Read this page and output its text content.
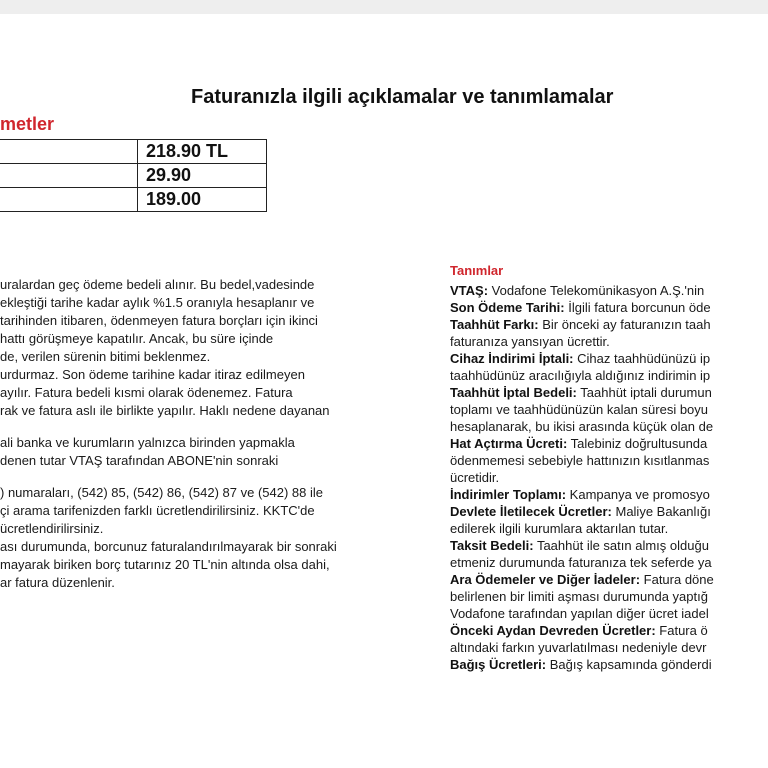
Faturanızla ilgili açıklamalar ve tanımlamalar
metler
	218.90 TL
	29.90
	189.00
uralardan geç ödeme bedeli alınır. Bu bedel,vadesinde
ekleştiği tarihe kadar aylık %1.5 oranıyla hesaplanır ve
tarihinden itibaren, ödenmeyen fatura borçları için ikinci
hattı görüşmeye kapatılır. Ancak, bu süre içinde
de, verilen sürenin bitimi beklenmez.
urdurmaz. Son ödeme tarihine kadar itiraz edilmeyen
ayılır. Fatura bedeli kısmi olarak ödenemez. Fatura
rak ve fatura aslı ile birlikte yapılır. Haklı nedene dayanan
ali banka ve kurumların yalnızca birinden yapmakla
denen tutar VTAŞ tarafından ABONE'nin sonraki
) numaraları, (542) 85, (542) 86, (542) 87 ve (542) 88 ile
çi arama tarifenizden farklı ücretlendirilirsiniz. KKTC'de
ücretlendirilirsiniz.
ası durumunda, borcunuz faturalandırılmayarak bir sonraki
mayarak biriken borç tutarınız 20 TL'nin altında olsa dahi,
ar fatura düzenlenir.
Tanımlar
VTAŞ: Vodafone Telekomünikasyon A.Ş.'nin
Son Ödeme Tarihi: İlgili fatura borcunun öde
Taahhüt Farkı: Bir önceki ay faturanızın taah
faturanıza yansıyan ücrettir.
Cihaz İndirimi İptali: Cihaz taahhüdünüzü ip
taahhüdünüz aracılığıyla aldığınız indirimin ip
Taahhüt İptal Bedeli: Taahhüt iptali durumun
toplamı ve taahhüdünüzün kalan süresi boyu
hesaplanarak, bu ikisi arasında küçük olan de
Hat Açtırma Ücreti: Talebiniz doğrultusunda
ödenmemesi sebebiyle hattınızın kısıtlanmas
ücretidir.
İndirimler Toplamı: Kampanya ve promosyo
Devlete İletilecek Ücretler: Maliye Bakanlığı
edilerek ilgili kurumlara aktarılan tutar.
Taksit Bedeli: Taahhüt ile satın almış olduğu
etmeniz durumunda faturanıza tek seferde ya
Ara Ödemeler ve Diğer İadeler: Fatura döne
belirlenen bir limiti aşması durumunda yaptığ
Vodafone tarafından yapılan diğer ücret iadel
Önceki Aydan Devreden Ücretler: Fatura ö
altındaki farkın yuvarlatılması nedeniyle devr
Bağış Ücretleri: Bağış kapsamında gönderdi
